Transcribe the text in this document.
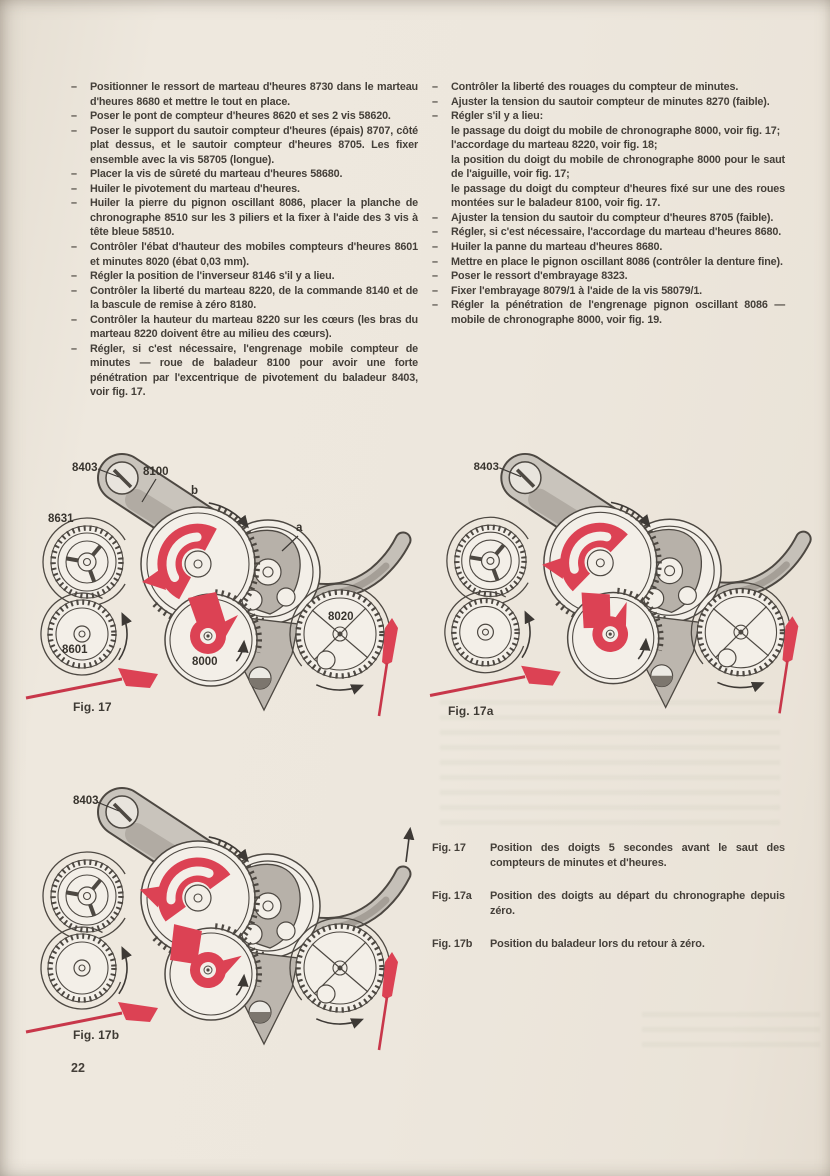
–	Positionner le ressort de marteau d'heures 8730 dans le marteau d'heures 8680 et mettre le tout en place.
–	Poser le pont de compteur d'heures 8620 et ses 2 vis 58620.
–	Poser le support du sautoir compteur d'heures (épais) 8707, côté plat dessus, et le sautoir compteur d'heures 8705. Les fixer ensemble avec la vis 58705 (longue).
–	Placer la vis de sûreté du marteau d'heures 58680.
–	Huiler le pivotement du marteau d'heures.
–	Huiler la pierre du pignon oscillant 8086, placer la planche de chronographe 8510 sur les 3 piliers et la fixer à l'aide des 3 vis à tête bleue 58510.
–	Contrôler l'ébat d'hauteur des mobiles compteurs d'heures 8601 et minutes 8020 (ébat 0,03 mm).
–	Régler la position de l'inverseur 8146 s'il y a lieu.
–	Contrôler la liberté du marteau 8220, de la commande 8140 et de la bascule de remise à zéro 8180.
–	Contrôler la hauteur du marteau 8220 sur les cœurs (les bras du marteau 8220 doivent être au milieu des cœurs).
–	Régler, si c'est nécessaire, l'engrenage mobile compteur de minutes — roue de baladeur 8100 pour avoir une forte pénétration par l'excentrique de pivotement du baladeur 8403, voir fig. 17.
–	Contrôler la liberté des rouages du compteur de minutes.
–	Ajuster la tension du sautoir compteur de minutes 8270 (faible).
–	Régler s'il y a lieu:
le passage du doigt du mobile de chronographe 8000, voir fig. 17;
l'accordage du marteau 8220, voir fig. 18;
la position du doigt du mobile de chronographe 8000 pour le saut de l'aiguille, voir fig. 17;
le passage du doigt du compteur d'heures fixé sur une des roues montées sur le baladeur 8100, voir fig. 17.
–	Ajuster la tension du sautoir du compteur d'heures 8705 (faible).
–	Régler, si c'est nécessaire, l'accordage du marteau d'heures 8680.
–	Huiler la panne du marteau d'heures 8680.
–	Mettre en place le pignon oscillant 8086 (contrôler la denture fine).
–	Poser le ressort d'embrayage 8323.
–	Fixer l'embrayage 8079/1 à l'aide de la vis 58079/1.
–	Régler la pénétration de l'engrenage pignon oscillant 8086 — mobile de chronographe 8000, voir fig. 19.
8403	8100
b
8631
a
8020
8601
8000
Fig. 17
8403
Fig. 17a
8403
Fig. 17b
Fig. 17	Position des doigts 5 secondes avant le saut des compteurs de minutes et d'heures.
Fig. 17a	Position des doigts au départ du chronographe depuis zéro.
Fig. 17b	Position du baladeur lors du retour à zéro.
22
